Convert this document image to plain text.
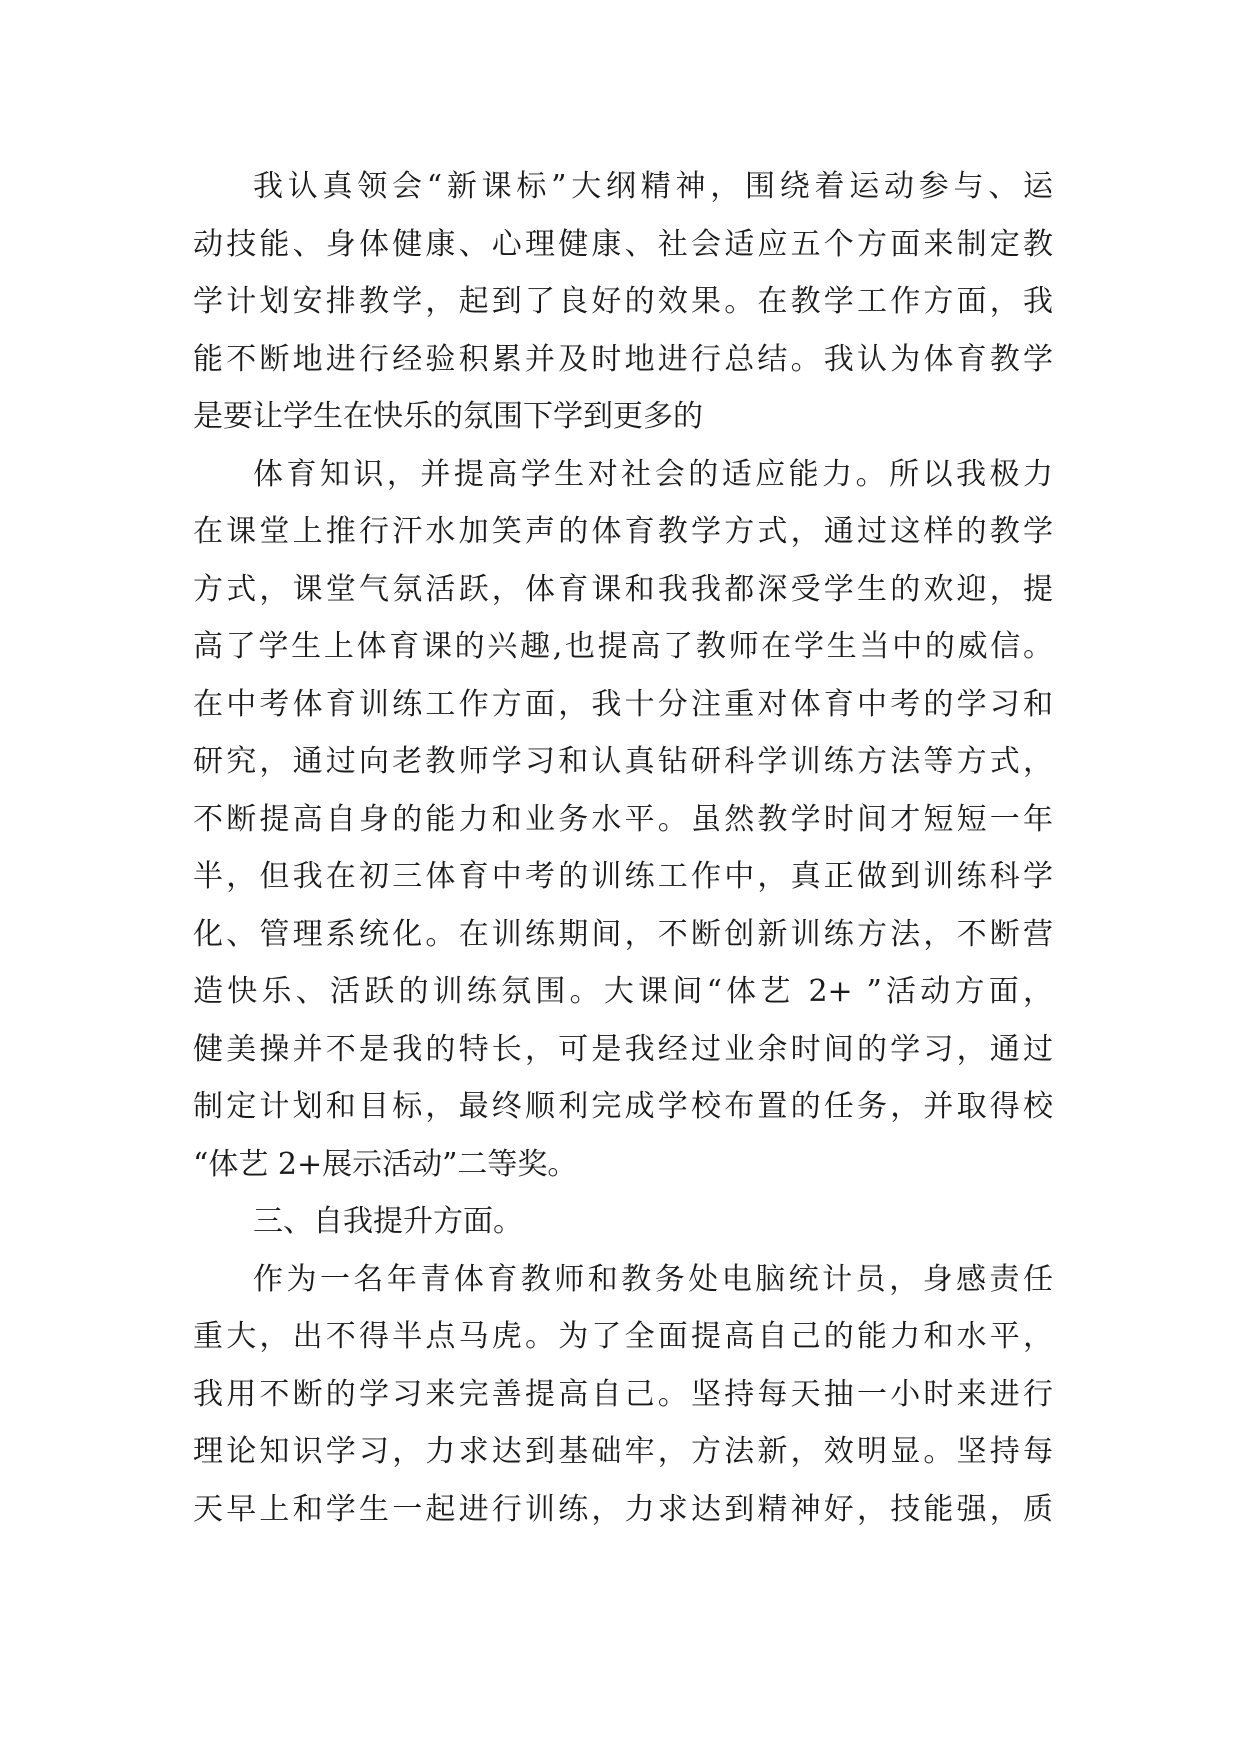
我认真领会“新课标”大纲精神，围绕着运动参与、运
动技能、身体健康、心理健康、社会适应五个方面来制定教
学计划安排教学，起到了良好的效果。在教学工作方面，我
能不断地进行经验积累并及时地进行总结。我认为体育教学
是要让学生在快乐的氛围下学到更多的
体育知识，并提高学生对社会的适应能力。所以我极力
在课堂上推行汗水加笑声的体育教学方式，通过这样的教学
方式，课堂气氛活跃，体育课和我我都深受学生的欢迎，提
高了学生上体育课的兴趣,也提高了教师在学生当中的威信。
在中考体育训练工作方面，我十分注重对体育中考的学习和
研究，通过向老教师学习和认真钻研科学训练方法等方式，
不断提高自身的能力和业务水平。虽然教学时间才短短一年
半，但我在初三体育中考的训练工作中，真正做到训练科学
化、管理系统化。在训练期间，不断创新训练方法，不断营
造快乐、活跃的训练氛围。大课间“体艺 2+ ”活动方面，
健美操并不是我的特长，可是我经过业余时间的学习，通过
制定计划和目标，最终顺利完成学校布置的任务，并取得校
“体艺 2+展示活动”二等奖。
三、自我提升方面。
作为一名年青体育教师和教务处电脑统计员，身感责任
重大，出不得半点马虎。为了全面提高自己的能力和水平，
我用不断的学习来完善提高自己。坚持每天抽一小时来进行
理论知识学习，力求达到基础牢，方法新，效明显。坚持每
天早上和学生一起进行训练，力求达到精神好，技能强，质
